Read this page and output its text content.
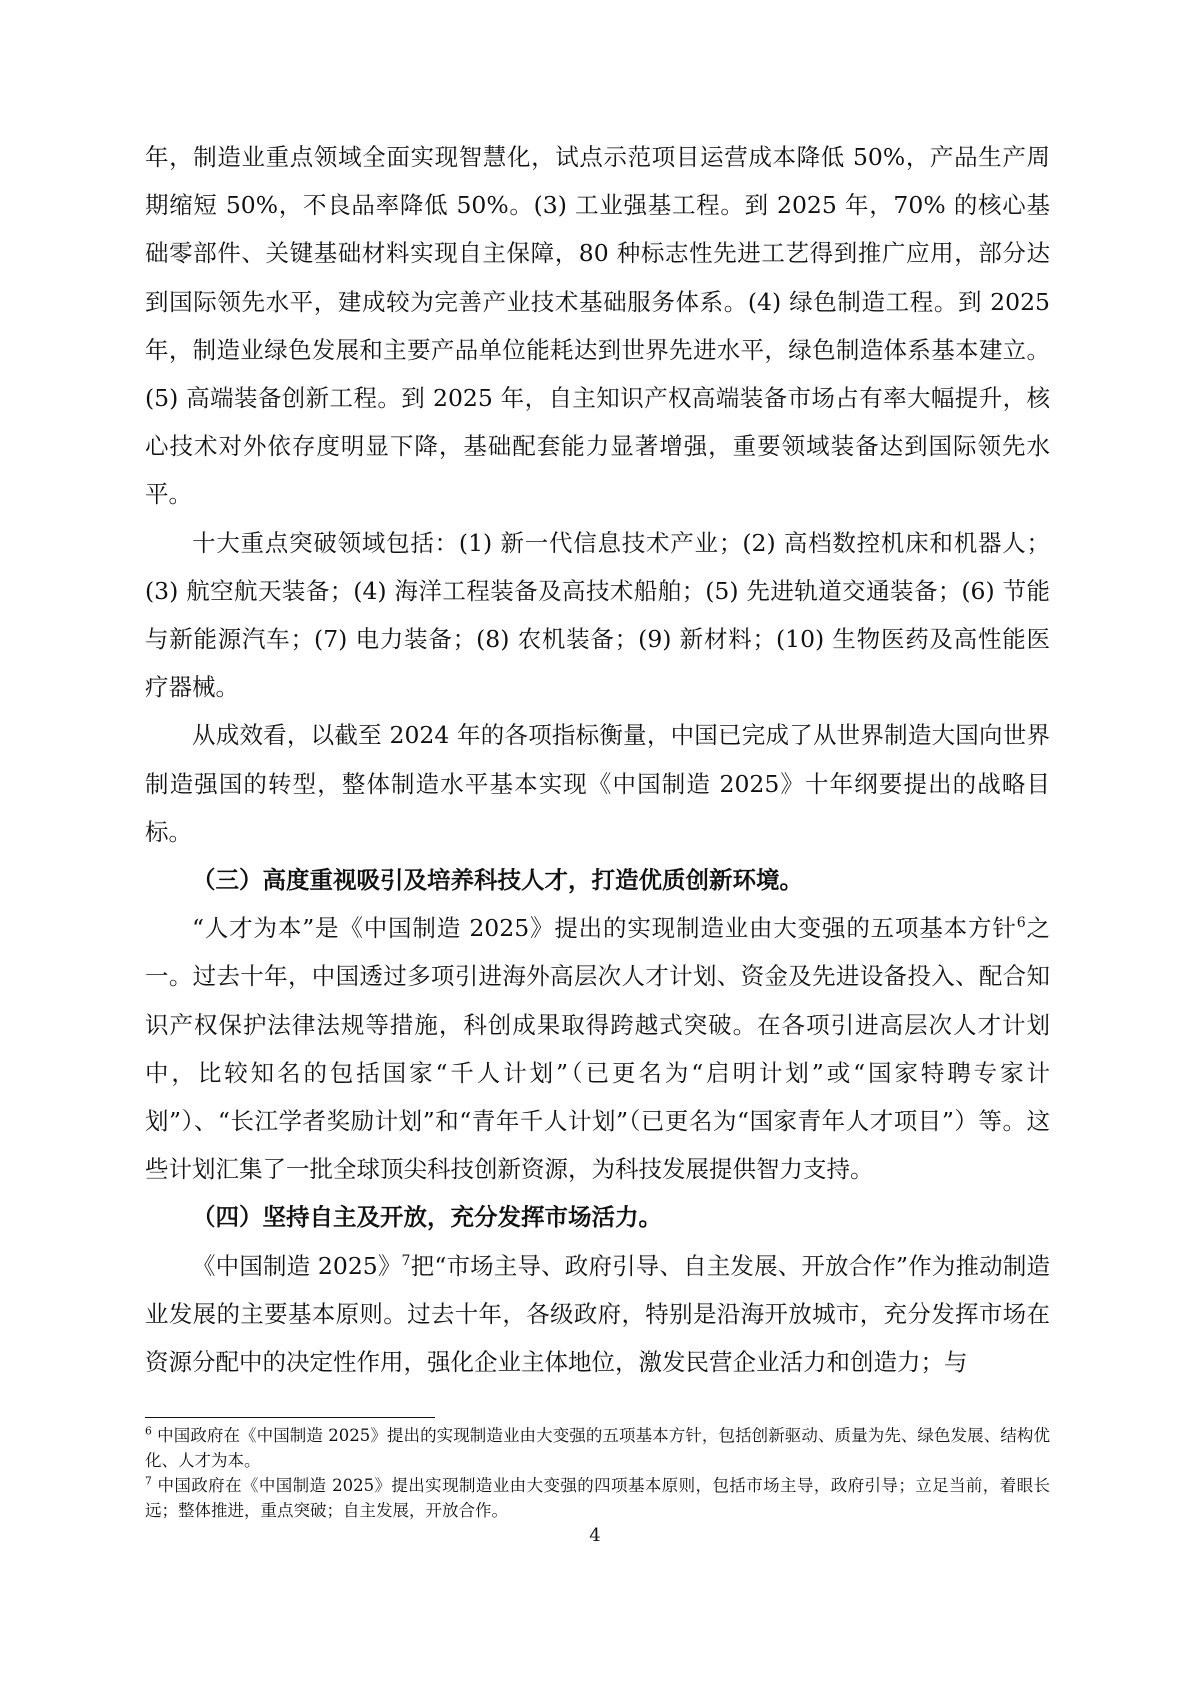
年，制造业重点领域全面实现智慧化，试点示范项目运营成本降低 50%，产品生产周期缩短 50%，不良品率降低 50%。(3) 工业强基工程。到 2025 年，70% 的核心基础零部件、关键基础材料实现自主保障，80 种标志性先进工艺得到推广应用，部分达到国际领先水平，建成较为完善产业技术基础服务体系。(4) 绿色制造工程。到 2025 年，制造业绿色发展和主要产品单位能耗达到世界先进水平，绿色制造体系基本建立。(5) 高端装备创新工程。到 2025 年，自主知识产权高端装备市场占有率大幅提升，核心技术对外依存度明显下降，基础配套能力显著增强，重要领域装备达到国际领先水平。

十大重点突破领域包括：(1) 新一代信息技术产业；(2) 高档数控机床和机器人；(3) 航空航天装备；(4) 海洋工程装备及高技术船舶；(5) 先进轨道交通装备；(6) 节能与新能源汽车；(7) 电力装备；(8) 农机装备；(9) 新材料；(10) 生物医药及高性能医疗器械。

从成效看，以截至 2024 年的各项指标衡量，中国已完成了从世界制造大国向世界制造强国的转型，整体制造水平基本实现《中国制造 2025》十年纲要提出的战略目标。

（三）高度重视吸引及培养科技人才，打造优质创新环境。

“人才为本”是《中国制造 2025》提出的实现制造业由大变强的五项基本方针$^6$之一。过去十年，中国透过多项引进海外高层次人才计划、资金及先进设备投入、配合知识产权保护法律法规等措施，科创成果取得跨越式突破。在各项引进高层次人才计划中，比较知名的包括国家“千人计划”（已更名为“启明计划”或“国家特聘专家计划”）、“长江学者奖励计划”和“青年千人计划”（已更名为“国家青年人才项目”）等。这些计划汇集了一批全球顶尖科技创新资源，为科技发展提供智力支持。

（四）坚持自主及开放，充分发挥市场活力。

《中国制造 2025》$^7$把“市场主导、政府引导、自主发展、开放合作”作为推动制造业发展的主要基本原则。过去十年，各级政府，特别是沿海开放城市，充分发挥市场在资源分配中的决定性作用，强化企业主体地位，激发民营企业活力和创造力；与

$^6$ 中国政府在《中国制造 2025》提出的实现制造业由大变强的五项基本方针，包括创新驱动、质量为先、绿色发展、结构优化、人才为本。

$^7$ 中国政府在《中国制造 2025》提出实现制造业由大变强的四项基本原则，包括市场主导，政府引导；立足当前，着眼长远；整体推进，重点突破；自主发展，开放合作。

4
